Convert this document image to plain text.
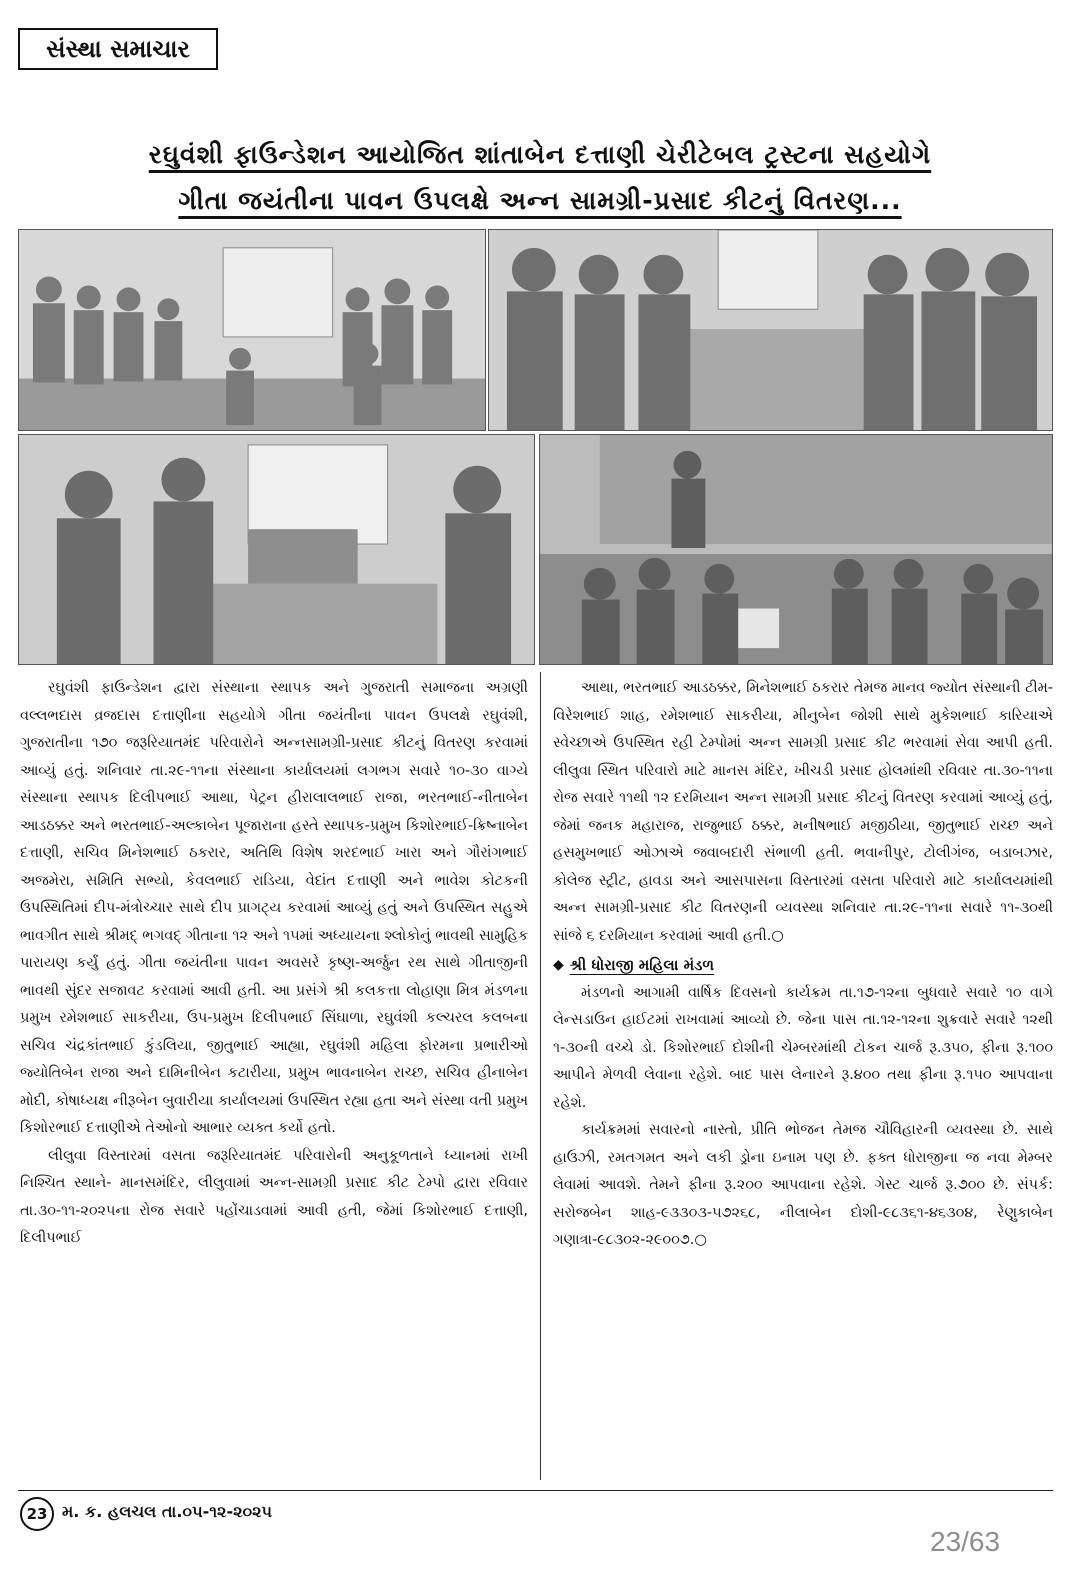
સંસ્થા સમાચાર
રઘુવંશી ફાઉન્ડેશન આયોજિત શાંતાબેન દત્તાણી ચેરીટેબલ ટ્રસ્ટના સહયોગે
ગીતા જયંતીના પાવન ઉપલક્ષે અન્ન સામગ્રી-પ્રસાદ કીટનું વિતરણ...

રઘુવંશી ફાઉન્ડેશન દ્વારા સંસ્થાના સ્થાપક અને ગુજરાતી સમાજના અગ્રણી વલ્લભદાસ વ્રજદાસ દત્તાણીના સહયોગે ગીતા જયંતીના પાવન ઉપલક્ષે રઘુવંશી, ગુજરાતીના ૧૭૦ જરૂરિયાતમંદ પરિવારોને અન્નસામગ્રી-પ્રસાદ કીટનું વિતરણ કરવામાં આવ્યું હતું. શનિવાર તા.૨૯-૧૧ના સંસ્થાના કાર્યાલયમાં લગભગ સવારે ૧૦-૩૦ વાગ્યે સંસ્થાના સ્થાપક દિલીપભાઈ આથા, પેટ્રન હીરાલાલભાઈ રાજા, ભરતભાઈ-નીતાબેન આડઠક્કર અને ભરતભાઈ-અલ્કાબેન પૂજારાના હસ્તે સ્થાપક-પ્રમુખ કિશોરભાઈ-ક્રિષ્નાબેન દત્તાણી, સચિવ મિનેશભાઈ ઠકરાર, અતિથિ વિશેષ શરદભાઈ ખારા અને ગૌરાંગભાઈ અજમેરા, સમિતિ સભ્યો, કેવલભાઈ રાડિયા, વેદાંત દત્તાણી અને ભાવેશ કોટકની ઉપસ્થિતિમાં દીપ-મંત્રોચ્ચાર સાથે દીપ પ્રાગટ્ય કરવામાં આવ્યું હતું અને ઉપસ્થિત સહુએ ભાવગીત સાથે શ્રીમદ્ ભગવદ્ ગીતાના ૧૨ અને ૧૫માં અધ્યાયના શ્લોકોનું ભાવથી સામુહિક પારાયણ કર્યું હતું. ગીતા જયંતીના પાવન અવસરે કૃષ્ણ-અર્જુન રથ સાથે ગીતાજીની ભાવથી સુંદર સજાવટ કરવામાં આવી હતી. આ પ્રસંગે શ્રી કલકત્તા લોહાણા મિત્ર મંડળના પ્રમુખ રમેશભાઈ સાકરીયા, ઉપ-પ્રમુખ દિલીપભાઈ સિંઘાળા, રઘુવંશી કલ્ચરલ કલબના સચિવ ચંદ્રકાંતભાઈ કુંડલિયા, જીતુભાઈ આહ્યા, રઘુવંશી મહિલા ફોરમના પ્રભારીઓ જ્યોતિબેન રાજા અને દામિનીબેન કટારીયા, પ્રમુખ ભાવનાબેન રાચ્છ, સચિવ હીનાબેન મોદી, કોષાધ્યક્ષ નીરૂબેન બુવારીયા કાર્યાલયમાં ઉપસ્થિત રહ્યા હતા અને સંસ્થા વતી પ્રમુખ કિશોરભાઈ દત્તાણીએ તેઓનો આભાર વ્યક્ત કર્યો હતો.

લીલુવા વિસ્તારમાં વસતા જરૂરિયાતમંદ પરિવારોની અનુકૂળતાને ધ્યાનમાં રાખી નિશ્ચિત સ્થાને- માનસમંદિર, લીલુવામાં અન્ન-સામગ્રી પ્રસાદ કીટ ટેમ્પો દ્વારા રવિવાર તા.૩૦-૧૧-૨૦૨૫ના રોજ સવારે પહોંચાડવામાં આવી હતી, જેમાં કિશોરભાઈ દત્તાણી, દિલીપભાઈ

આથા, ભરતભાઈ આડઠક્કર, મિનેશભાઈ ઠકરાર તેમજ માનવ જ્યોત સંસ્થાની ટીમ- વિરેશભાઈ શાહ, રમેશભાઈ સાકરીયા, મીનુબેન જોશી સાથે મુકેશભાઈ કારિયાએ સ્વેચ્છાએ ઉપસ્થિત રહી ટેમ્પોમાં અન્ન સામગ્રી પ્રસાદ કીટ ભરવામાં સેવા આપી હતી. લીલુવા સ્થિત પરિવારો માટે માનસ મંદિર, ખીચડી પ્રસાદ હોલમાંથી રવિવાર તા.૩૦-૧૧ના રોજ સવારે ૧૧થી ૧૨ દરમિયાન અન્ન સામગ્રી પ્રસાદ કીટનું વિતરણ કરવામાં આવ્યું હતું, જેમાં જનક મહારાજ, રાજુભાઈ ઠક્કર, મનીષભાઈ મજીઠીયા, જીતુભાઈ રાચ્છ અને હસમુખભાઈ ઓઝાએ જવાબદારી સંભાળી હતી. ભવાનીપુર, ટોલીગંજ, બડાબઝાર, કોલેજ સ્ટ્રીટ, હાવડા અને આસપાસના વિસ્તારમાં વસતા પરિવારો માટે કાર્યાલયમાંથી અન્ન સામગ્રી-પ્રસાદ કીટ વિતરણની વ્યવસ્થા શનિવાર તા.૨૯-૧૧ના સવારે ૧૧-૩૦થી સાંજે ૬ દરમિયાન કરવામાં આવી હતી.○

◆ શ્રી ધોરાજી મહિલા મંડળ

મંડળનો આગામી વાર્ષિક દિવસનો કાર્યક્રમ તા.૧૭-૧૨ના બુધવારે સવારે ૧૦ વાગે લેન્સડાઉન હાઈટમાં રાખવામાં આવ્યો છે. જેના પાસ તા.૧૨-૧૨ના શુક્રવારે સવારે ૧૨થી ૧-૩૦ની વચ્ચે ડો. કિશોરભાઈ દોશીની ચેમ્બરમાંથી ટોકન ચાર્જ રૂ.૩૫૦, ફીના રૂ.૧૦૦ આપીને મેળવી લેવાના રહેશે. બાદ પાસ લેનારને રૂ.૪૦૦ તથા ફીના રૂ.૧૫૦ આપવાના રહેશે.

કાર્યક્રમમાં સવારનો નાસ્તો, પ્રીતિ ભોજન તેમજ ચૌવિહારની વ્યવસ્થા છે. સાથે હાઉઝી, રમતગમત અને લકી ડ્રોના ઇનામ પણ છે. ફક્ત ધોરાજીના જ નવા મેમ્બર લેવામાં આવશે. તેમને ફીના રૂ.૨૦૦ આપવાના રહેશે. ગેસ્ટ ચાર્જ રૂ.૭૦૦ છે. સંપર્ક: સરોજબેન શાહ-૯૩૩૦૩-૫૭૨૬૮, નીલાબેન દોશી-૯૮૩૬૧-૪૬૩૦૪, રેણુકાબેન ગણાત્રા-૯૮૩૦૨-૨૯૦૦૭.○

23 મ. ક. હલચલ તા.૦૫-૧૨-૨૦૨૫
23/63
